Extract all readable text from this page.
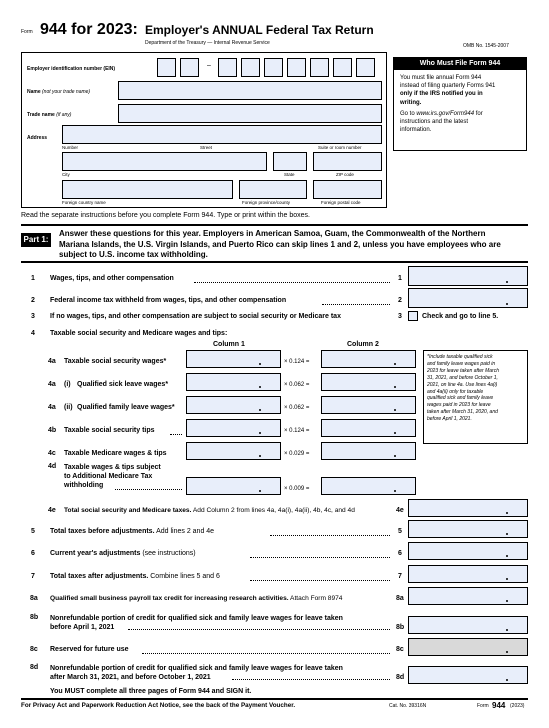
Form 944 for 2023: Employer's ANNUAL Federal Tax Return
Department of the Treasury — Internal Revenue Service	OMB No. 1545-2007
Employer identification number (EIN)	–
Name (not your trade name)
Trade name (if any)
Address
Number	Street	Suite or room number
City	State	ZIP code
Foreign country name	Foreign province/county	Foreign postal code
Who Must File Form 944
You must file annual Form 944
instead of filing quarterly Forms 941
only if the IRS notified you in
writing.
Go to www.irs.gov/Form944 for
instructions and the latest
information.
Read the separate instructions before you complete Form 944. Type or print within the boxes.
Part 1:
Answer these questions for this year. Employers in American Samoa, Guam, the Commonwealth of the Northern
Mariana Islands, the U.S. Virgin Islands, and Puerto Rico can skip lines 1 and 2, unless you have employees who are
subject to U.S. income tax withholding.
1 Wages, tips, and other compensation	1
2 Federal income tax withheld from wages, tips, and other compensation	2
3 If no wages, tips, and other compensation are subject to social security or Medicare tax	3	Check and go to line 5.
4 Taxable social security and Medicare wages and tips:
Column 1	Column 2
4a Taxable social security wages*	× 0.124 =
4a (i) Qualified sick leave wages*	× 0.062 =
4a (ii) Qualified family leave wages*	× 0.062 =
4b Taxable social security tips	× 0.124 =
4c Taxable Medicare wages & tips	× 0.029 =
4d Taxable wages & tips subject
to Additional Medicare Tax
withholding	× 0.009 =
*Include taxable qualified sick
and family leave wages paid in
2023 for leave taken after March
31, 2021, and before October 1,
2021, on line 4a. Use lines 4a(i)
and 4a(ii) only for taxable
qualified sick and family leave
wages paid in 2023 for leave
taken after March 31, 2020, and
before April 1, 2021.
4e Total social security and Medicare taxes. Add Column 2 from lines 4a, 4a(i), 4a(ii), 4b, 4c, and 4d	4e
5 Total taxes before adjustments. Add lines 2 and 4e	5
6 Current year's adjustments (see instructions)	6
7 Total taxes after adjustments. Combine lines 5 and 6	7
8a Qualified small business payroll tax credit for increasing research activities. Attach Form 8974	8a
8b Nonrefundable portion of credit for qualified sick and family leave wages for leave taken
before April 1, 2021	8b
8c Reserved for future use	8c
8d Nonrefundable portion of credit for qualified sick and family leave wages for leave taken
after March 31, 2021, and before October 1, 2021	8d
You MUST complete all three pages of Form 944 and SIGN it.
For Privacy Act and Paperwork Reduction Act Notice, see the back of the Payment Voucher.	Cat. No. 39316N	Form 944 (2023)
